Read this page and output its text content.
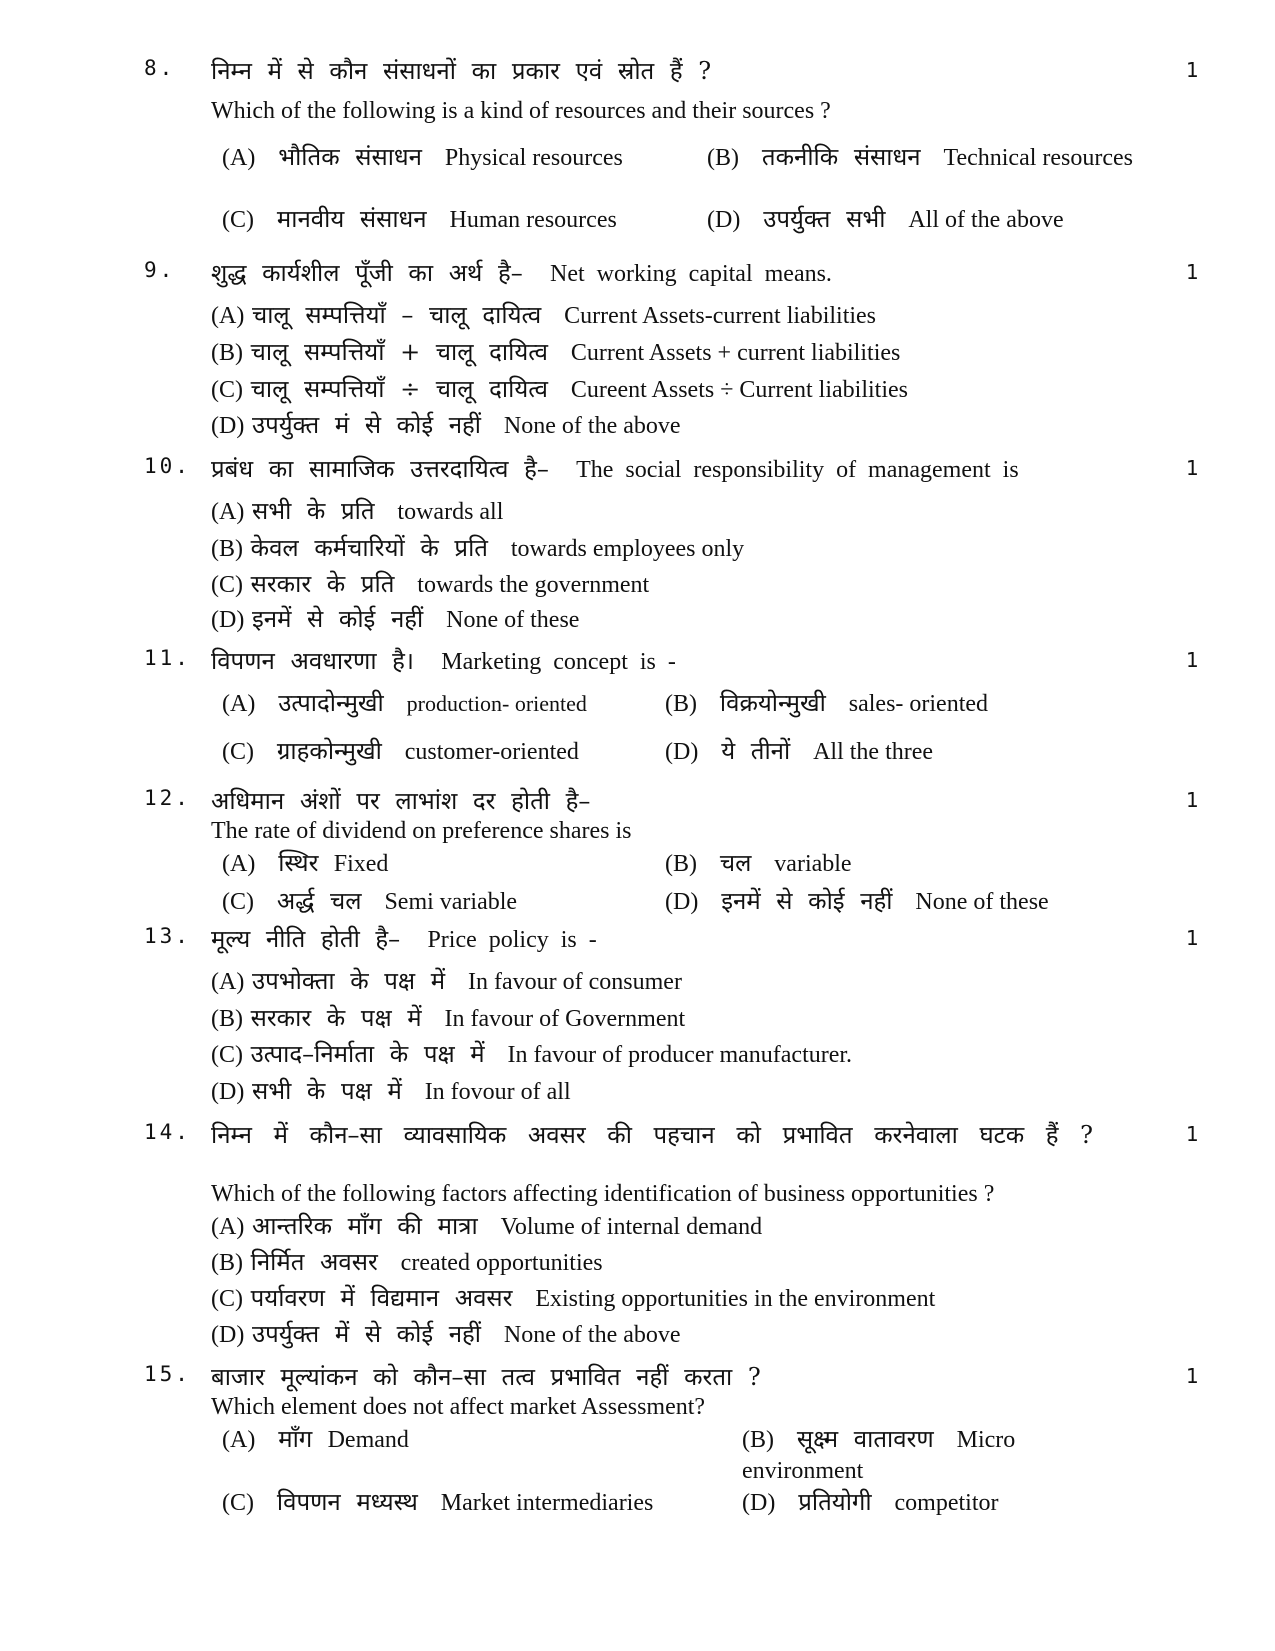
8. निम्न में से कौन संसाधनों का प्रकार एवं स्रोत हैं ?	1
Which of the following is a kind of resources and their sources ?
(A) भौतिक संसाधन Physical resources	(B) तकनीकि संसाधन Technical resources
(C) मानवीय संसाधन Human resources	(D) उपर्युक्त सभी All of the above
9. शुद्ध कार्यशील पूँजी का अर्थ है– Net working capital means.	1
(A) चालू सम्पत्तियाँ – चालू दायित्व Current Assets-current liabilities
(B) चालू सम्पत्तियाँ + चालू दायित्व Current Assets + current liabilities
(C) चालू सम्पत्तियाँ ÷ चालू दायित्व Cureent Assets ÷ Current liabilities
(D) उपर्युक्त मं से कोई नहीं None of the above
10. प्रबंध का सामाजिक उत्तरदायित्व है– The social responsibility of management is	1
(A) सभी के प्रति towards all
(B) केवल कर्मचारियों के प्रति towards employees only
(C) सरकार के प्रति towards the government
(D) इनमें से कोई नहीं None of these
11. विपणन अवधारणा है। Marketing concept is -	1
(A) उत्पादोन्मुखी production- oriented	(B) विक्रयोन्मुखी sales- oriented
(C) ग्राहकोन्मुखी customer-oriented	(D) ये तीनों All the three
12. अधिमान अंशों पर लाभांश दर होती है–	1
The rate of dividend on preference shares is
(A) स्थिर Fixed	(B) चल variable
(C) अर्द्ध चल Semi variable	(D) इनमें से कोई नहीं None of these
13. मूल्य नीति होती है– Price policy is -	1
(A) उपभोक्ता के पक्ष में In favour of consumer
(B) सरकार के पक्ष में In favour of Government
(C) उत्पाद–निर्माता के पक्ष में In favour of producer manufacturer.
(D) सभी के पक्ष में In fovour of all
14. निम्न में कौन–सा व्यावसायिक अवसर की पहचान को प्रभावित करनेवाला घटक हैं ?	1
Which of the following factors affecting identification of business opportunities ?
(A) आन्तरिक माँग की मात्रा Volume of internal demand
(B) निर्मित अवसर created opportunities
(C) पर्यावरण में विद्यमान अवसर Existing opportunities in the environment
(D) उपर्युक्त में से कोई नहीं None of the above
15. बाजार मूल्यांकन को कौन–सा तत्व प्रभावित नहीं करता ?	1
Which element does not affect market Assessment?
(A) माँग Demand	(B) सूक्ष्म वातावरण Micro environment
(C) विपणन मध्यस्थ Market intermediaries	(D) प्रतियोगी competitor
